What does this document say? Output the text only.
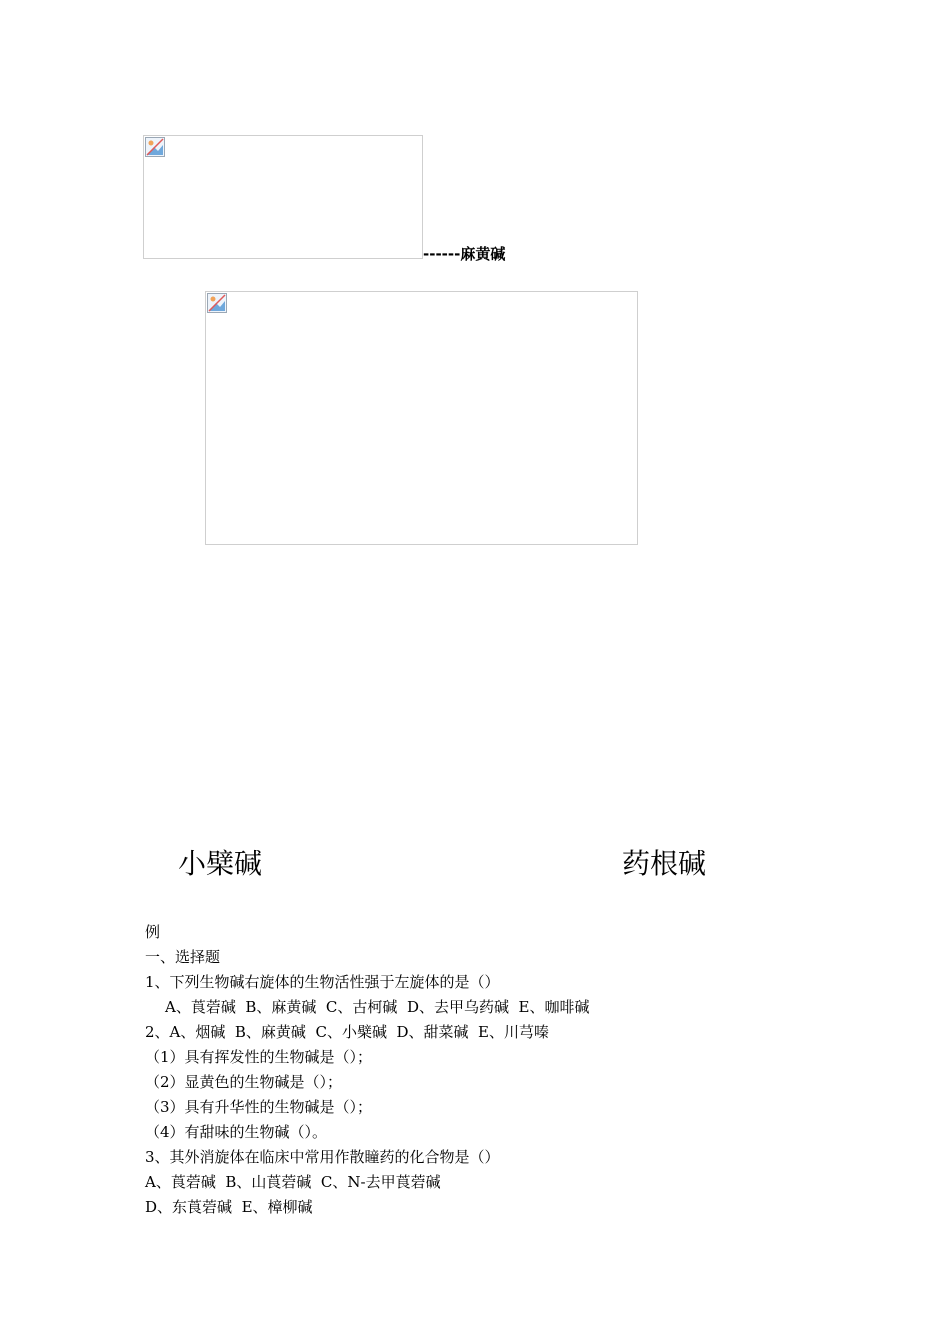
------麻黄碱
小檗碱	药根碱
例
一、选择题
1、下列生物碱右旋体的生物活性强于左旋体的是（）
A、莨菪碱  B、麻黄碱  C、古柯碱  D、去甲乌药碱  E、咖啡碱
2、A、烟碱  B、麻黄碱  C、小檗碱  D、甜菜碱  E、川芎嗪
（1）具有挥发性的生物碱是（）；
（2）显黄色的生物碱是（）；
（3）具有升华性的生物碱是（）；
（4）有甜味的生物碱（）。
3、其外消旋体在临床中常用作散瞳药的化合物是（）
A、莨菪碱  B、山莨菪碱  C、N-去甲莨菪碱
D、东莨菪碱  E、樟柳碱
